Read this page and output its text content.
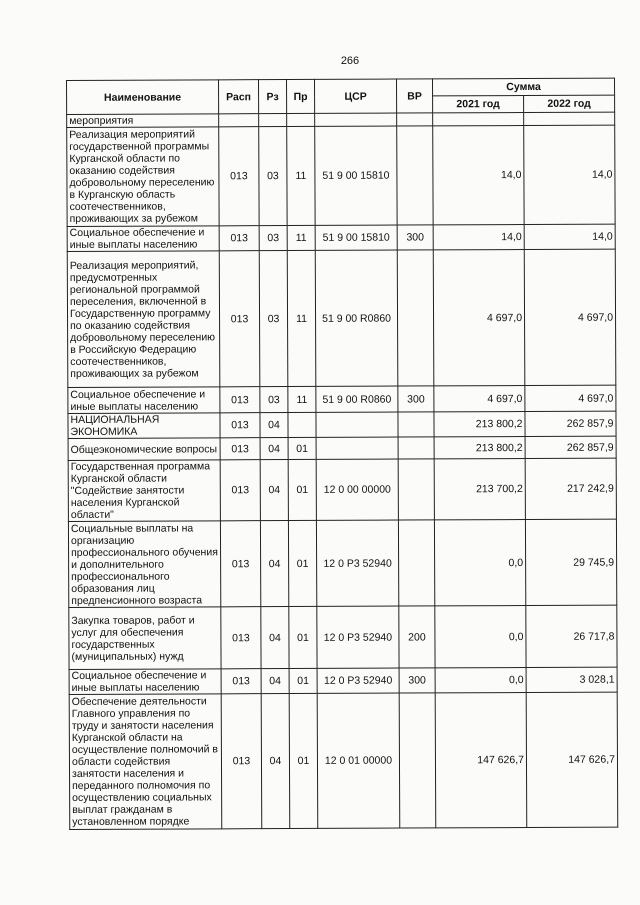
266
Наименование	Расп	Рз	Пр	ЦСР	ВР	Сумма	
						2021 год	2022 год
мероприятия							
Реализация мероприятий государственной программы Курганской области по оказанию содействия добровольному переселению в Курганскую область соотечественников, проживающих за рубежом	013	03	11	51 9 00 15810		14,0	14,0
Социальное обеспечение и иные выплаты населению	013	03	11	51 9 00 15810	300	14,0	14,0
Реализация мероприятий, предусмотренных региональной программой переселения, включенной в Государственную программу по оказанию содействия добровольному переселению в Российскую Федерацию соотечественников, проживающих за рубежом	013	03	11	51 9 00 R0860		4 697,0	4 697,0
Социальное обеспечение и иные выплаты населению	013	03	11	51 9 00 R0860	300	4 697,0	4 697,0
НАЦИОНАЛЬНАЯ ЭКОНОМИКА	013	04				213 800,2	262 857,9
Общеэкономические вопросы	013	04	01			213 800,2	262 857,9
Государственная программа Курганской области "Содействие занятости населения Курганской области"	013	04	01	12 0 00 00000		213 700,2	217 242,9
Социальные выплаты на организацию профессионального обучения и дополнительного профессионального образования лиц предпенсионного возраста	013	04	01	12 0 Р3 52940		0,0	29 745,9
Закупка товаров, работ и услуг для обеспечения государственных (муниципальных) нужд	013	04	01	12 0 Р3 52940	200	0,0	26 717,8
Социальное обеспечение и иные выплаты населению	013	04	01	12 0 Р3 52940	300	0,0	3 028,1
Обеспечение деятельности Главного управления по труду и занятости населения Курганской области на осуществление полномочий в области содействия занятости населения и переданного полномочия по осуществлению социальных выплат гражданам в установленном порядке	013	04	01	12 0 01 00000		147 626,7	147 626,7
